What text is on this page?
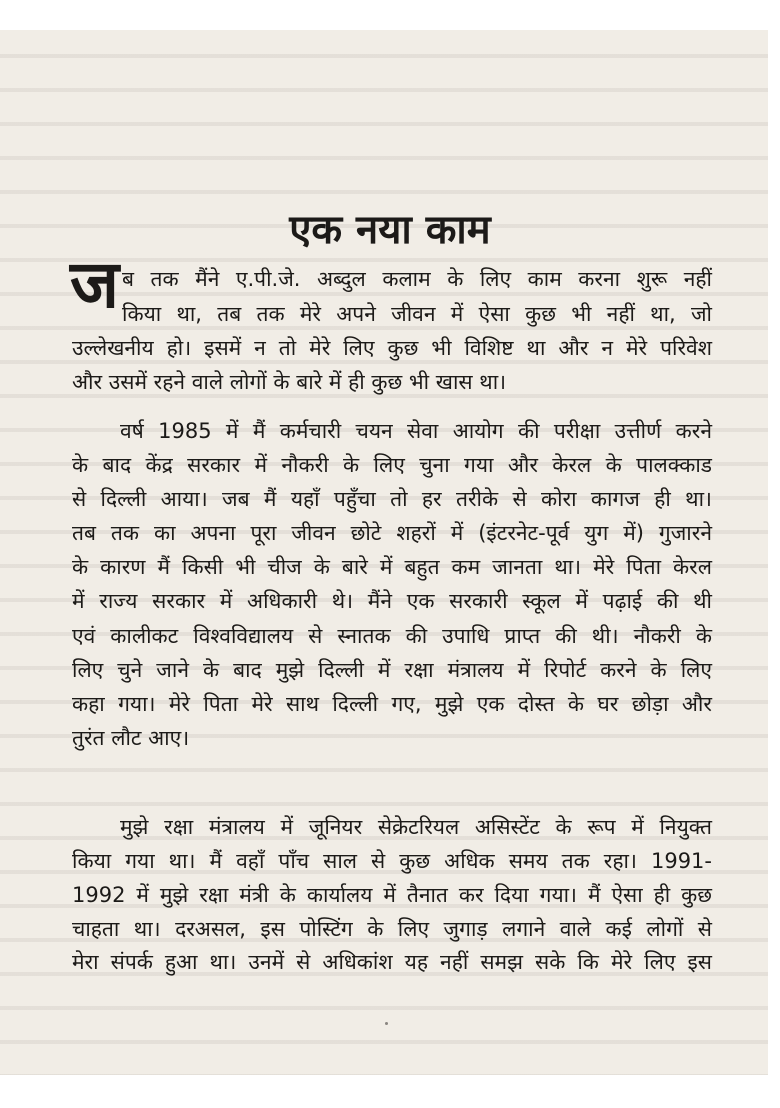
एक नया काम
ज ब तक मैंने ए.पी.जे. अब्दुल कलाम के लिए काम करना शुरू नहीं
किया था, तब तक मेरे अपने जीवन में ऐसा कुछ भी नहीं था, जो
उल्लेखनीय हो। इसमें न तो मेरे लिए कुछ भी विशिष्ट था और न मेरे परिवेश
और उसमें रहने वाले लोगों के बारे में ही कुछ भी खास था।
वर्ष 1985 में मैं कर्मचारी चयन सेवा आयोग की परीक्षा उत्तीर्ण करने
के बाद केंद्र सरकार में नौकरी के लिए चुना गया और केरल के पालक्काड
से दिल्ली आया। जब मैं यहाँ पहुँचा तो हर तरीके से कोरा कागज ही था।
तब तक का अपना पूरा जीवन छोटे शहरों में (इंटरनेट-पूर्व युग में) गुजारने
के कारण मैं किसी भी चीज के बारे में बहुत कम जानता था। मेरे पिता केरल
में राज्य सरकार में अधिकारी थे। मैंने एक सरकारी स्कूल में पढ़ाई की थी
एवं कालीकट विश्वविद्यालय से स्नातक की उपाधि प्राप्त की थी। नौकरी के
लिए चुने जाने के बाद मुझे दिल्ली में रक्षा मंत्रालय में रिपोर्ट करने के लिए
कहा गया। मेरे पिता मेरे साथ दिल्ली गए, मुझे एक दोस्त के घर छोड़ा और
तुरंत लौट आए।
मुझे रक्षा मंत्रालय में जूनियर सेक्रेटरियल असिस्टेंट के रूप में नियुक्त
किया गया था। मैं वहाँ पाँच साल से कुछ अधिक समय तक रहा। 1991-
1992 में मुझे रक्षा मंत्री के कार्यालय में तैनात कर दिया गया। मैं ऐसा ही कुछ
चाहता था। दरअसल, इस पोस्टिंग के लिए जुगाड़ लगाने वाले कई लोगों से
मेरा संपर्क हुआ था। उनमें से अधिकांश यह नहीं समझ सके कि मेरे लिए इस
